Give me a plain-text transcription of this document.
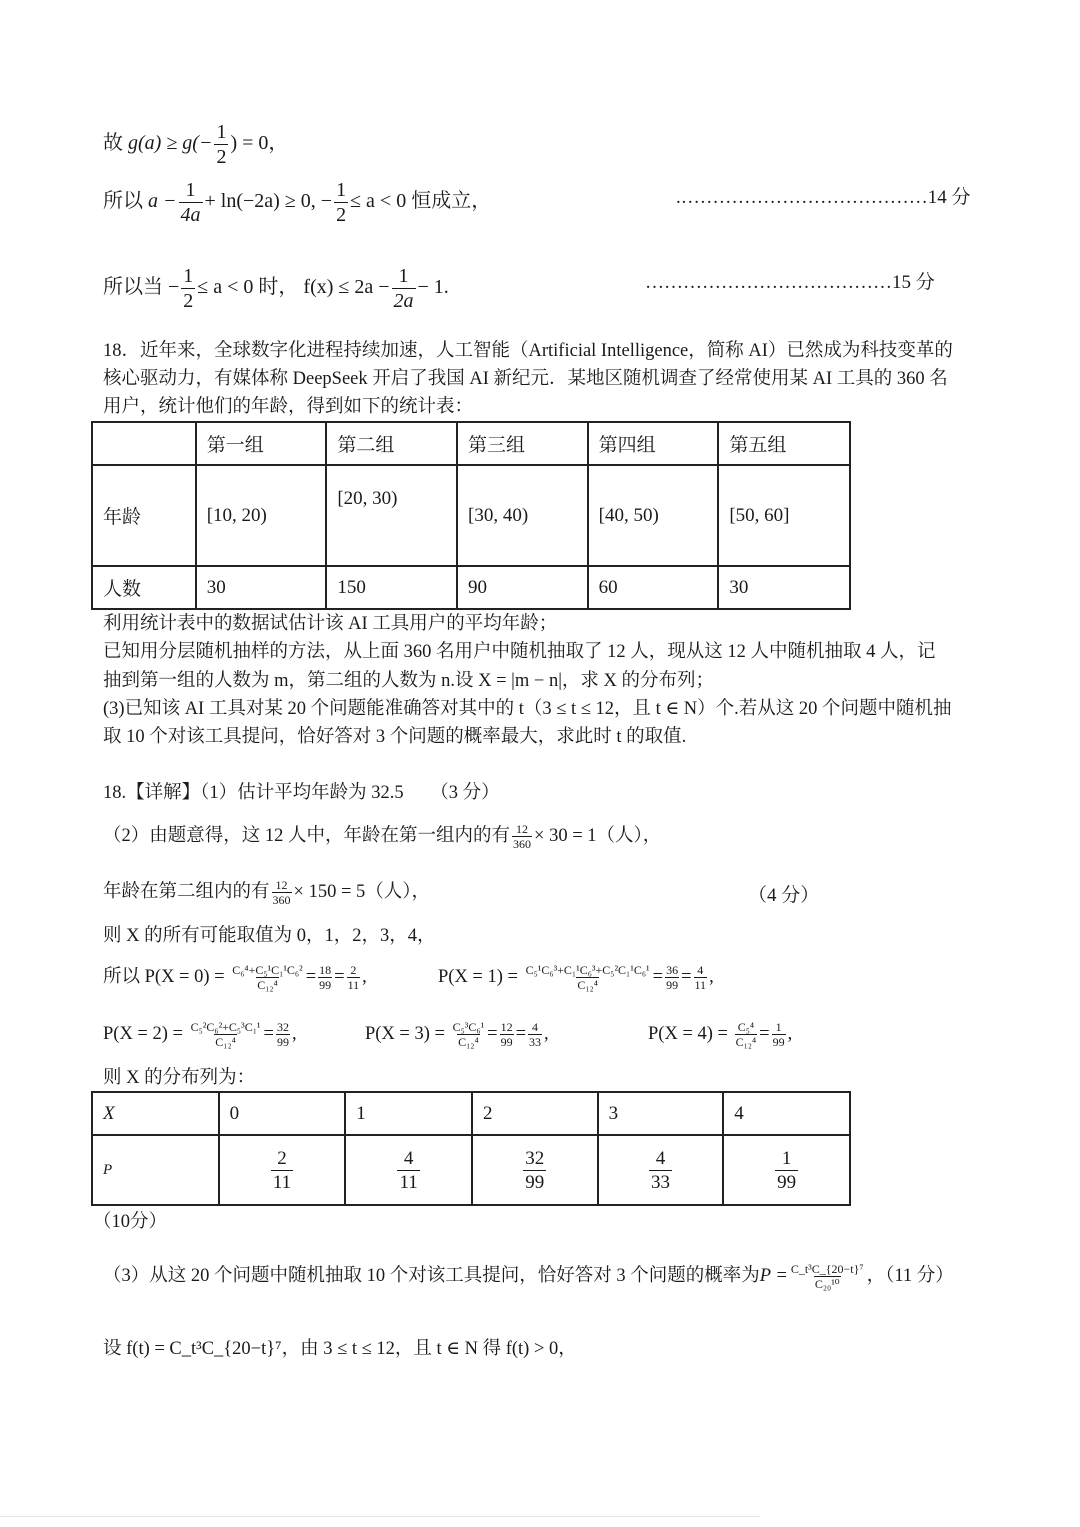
故 $g(a) \ge g(- \frac{1}{2}$ ) = 0，
所以 $a - \frac{1}{4a} + \ln(-2a) \ge 0$, − $\frac{1}{2} \le a < 0$ 恒成立，	.…………………………………14 分
所以当 − $\frac{1}{2} \le a < 0$ 时， $f(x) \le 2a - \frac{1}{2a} - 1$.	…………………………………15 分
18．近年来，全球数字化进程持续加速，人工智能（Artificial Intelligence，简称 AI）已然成为科技变革的
核心驱动力，有媒体称 DeepSeek 开启了我国 AI 新纪元．某地区随机调查了经常使用某 AI 工具的 360 名
用户，统计他们的年龄，得到如下的统计表：
	第一组	第二组	第三组	第四组	第五组
年龄	[10, 20)	[20, 30)	[30, 40)	[40, 50)	[50, 60]
人数	30	150	90	60	30
利用统计表中的数据试估计该 AI 工具用户的平均年龄；
已知用分层随机抽样的方法，从上面 360 名用户中随机抽取了 12 人，现从这 12 人中随机抽取 4 人，记
抽到第一组的人数为 m，第二组的人数为 n.设 X = |m − n|，求 X 的分布列；
(3)已知该 AI 工具对某 20 个问题能准确答对其中的 t（3 ≤ t ≤ 12，且 t ∈ N）个.若从这 20 个问题中随机抽
取 10 个对该工具提问，恰好答对 3 个问题的概率最大，求此时 t 的取值.
18.【详解】（1）估计平均年龄为 32.5 （3 分）
（2）由题意得，这 12 人中，年龄在第一组内的有 $\frac{12}{360} \times 30 = 1$（人），
年龄在第二组内的有 $\frac{12}{360} \times 150 = 5$（人），	（4 分）
则 X 的所有可能取值为 0，1，2，3，4，
所以 $P(X = 0) = \frac{\text{C₆⁴+C₅¹C₁¹C₆²}}{\text{C₁₂⁴}} = \frac{18}{99} = \frac{2}{11}$ ,	$P(X = 1) = \frac{\text{C₅¹C₆³+C₁¹C₆³+C₅²C₁¹C₆¹}}{\text{C₁₂⁴}} = \frac{36}{99} = \frac{4}{11}$ ,
$P(X = 2) = \frac{\text{C₅²C₆²+C₅³C₁¹}}{\text{C₁₂⁴}} = \frac{32}{99}$ ,	$P(X = 3) = \frac{\text{C₅³C₆¹}}{\text{C₁₂⁴}} = \frac{12}{99} = \frac{4}{33}$ ,	$P(X = 4) = \frac{\text{C₅⁴}}{\text{C₁₂⁴}} = \frac{1}{99}$ ,
则 X 的分布列为：
X	0	1	2	3	4
P	$\frac{2}{11}$	$\frac{4}{11}$	$\frac{32}{99}$	$\frac{4}{33}$	$\frac{1}{99}$
（10分）
（3）从这 20 个问题中随机抽取 10 个对该工具提问，恰好答对 3 个问题的概率为$P = \frac{\text{C\_t³C\_\{20−t\}⁷}}{\text{C₂₀¹⁰}}$ ，（11 分）
设 f(t) = C_t³C_{20−t}⁷，由 3 ≤ t ≤ 12，且 t ∈ N 得 f(t) > 0，
